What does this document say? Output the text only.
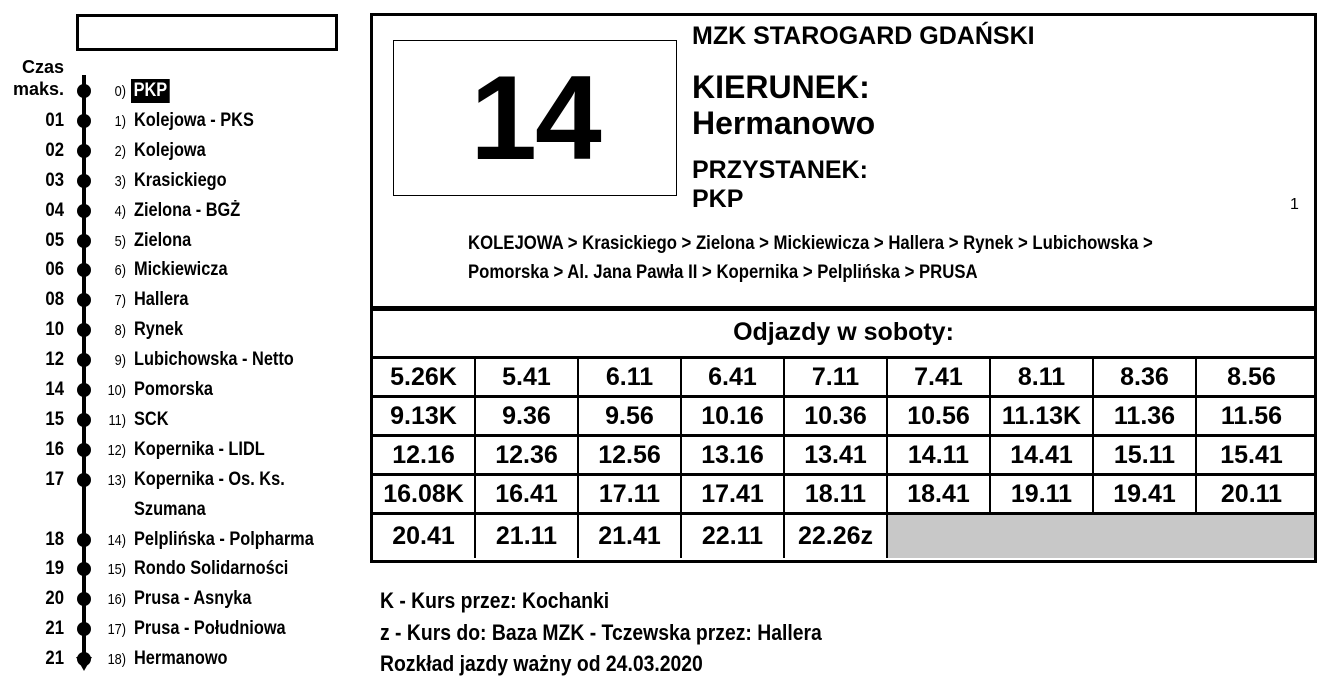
Czas
maks.	0) PKP
01	1) Kolejowa - PKS
02	2) Kolejowa
03	3) Krasickiego
04	4) Zielona - BGŻ
05	5) Zielona
06	6) Mickiewicza
08	7) Hallera
10	8) Rynek
12	9) Lubichowska - Netto
14	10) Pomorska
15	11) SCK
16	12) Kopernika - LIDL
17	13) Kopernika - Os. Ks.
Szumana
18	14) Pelplińska - Polpharma
19	15) Rondo Solidarności
20	16) Prusa - Asnyka
21	17) Prusa - Południowa
21	18) Hermanowo
14
MZK STAROGARD GDAŃSKI
KIERUNEK:
Hermanowo
PRZYSTANEK:
PKP	1
KOLEJOWA > Krasickiego > Zielona > Mickiewicza > Hallera > Rynek > Lubichowska >
Pomorska > Al. Jana Pawła II > Kopernika > Pelplińska > PRUSA
Odjazdy w soboty:
5.26K	5.41	6.11	6.41	7.11	7.41	8.11	8.36	8.56
9.13K	9.36	9.56	10.16	10.36	10.56	11.13K	11.36	11.56
12.16	12.36	12.56	13.16	13.41	14.11	14.41	15.11	15.41
16.08K	16.41	17.11	17.41	18.11	18.41	19.11	19.41	20.11
20.41	21.11	21.41	22.11	22.26z
K - Kurs przez: Kochanki
z - Kurs do: Baza MZK - Tczewska przez: Hallera
Rozkład jazdy ważny od 24.03.2020
